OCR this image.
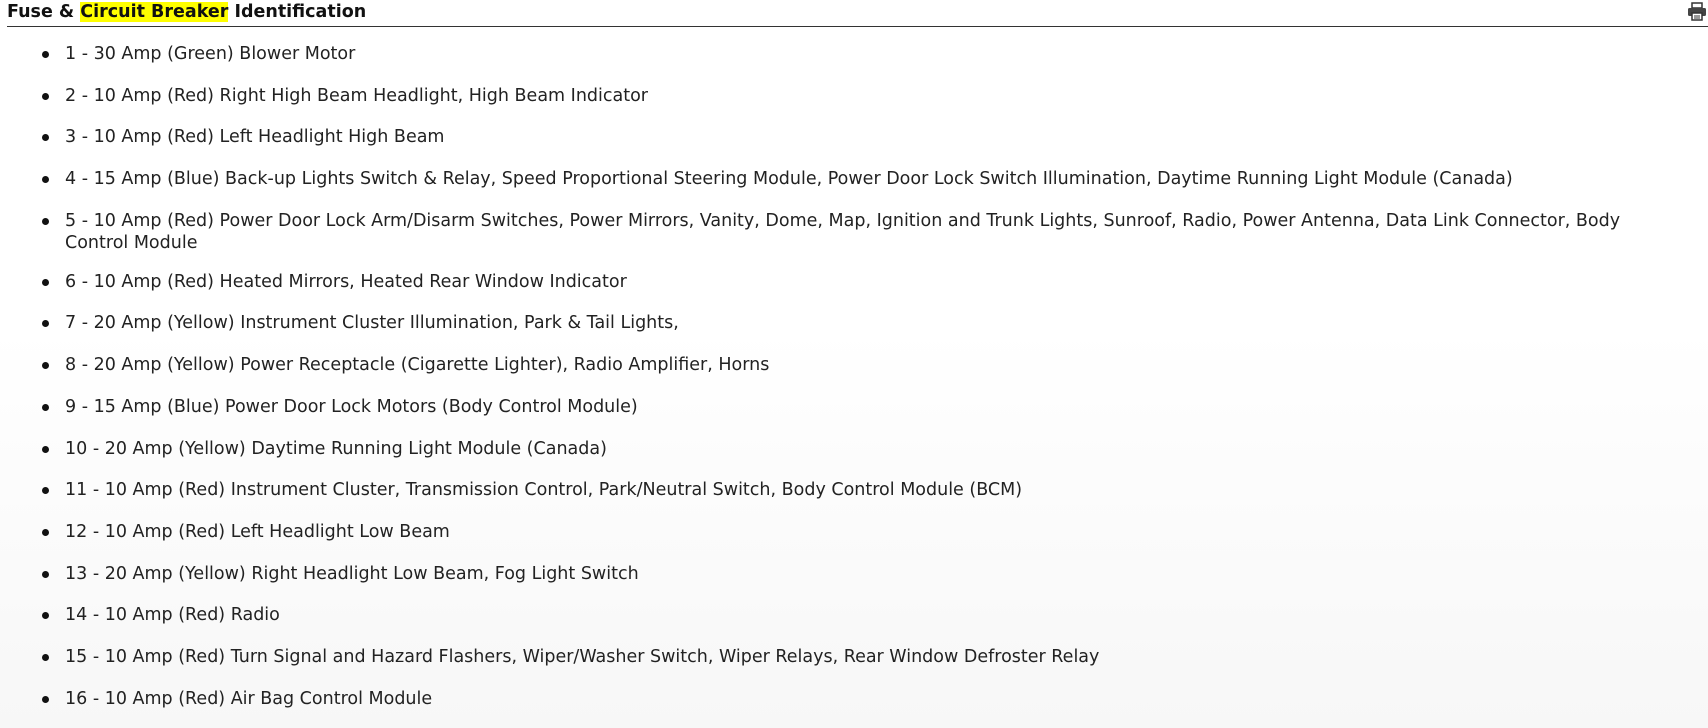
Fuse & Circuit Breaker Identification
1 - 30 Amp (Green) Blower Motor
2 - 10 Amp (Red) Right High Beam Headlight, High Beam Indicator
3 - 10 Amp (Red) Left Headlight High Beam
4 - 15 Amp (Blue) Back-up Lights Switch & Relay, Speed Proportional Steering Module, Power Door Lock Switch Illumination, Daytime Running Light Module (Canada)
5 - 10 Amp (Red) Power Door Lock Arm/Disarm Switches, Power Mirrors, Vanity, Dome, Map, Ignition and Trunk Lights, Sunroof, Radio, Power Antenna, Data Link Connector, Body Control Module
6 - 10 Amp (Red) Heated Mirrors, Heated Rear Window Indicator
7 - 20 Amp (Yellow) Instrument Cluster Illumination, Park & Tail Lights,
8 - 20 Amp (Yellow) Power Receptacle (Cigarette Lighter), Radio Amplifier, Horns
9 - 15 Amp (Blue) Power Door Lock Motors (Body Control Module)
10 - 20 Amp (Yellow) Daytime Running Light Module (Canada)
11 - 10 Amp (Red) Instrument Cluster, Transmission Control, Park/Neutral Switch, Body Control Module (BCM)
12 - 10 Amp (Red) Left Headlight Low Beam
13 - 20 Amp (Yellow) Right Headlight Low Beam, Fog Light Switch
14 - 10 Amp (Red) Radio
15 - 10 Amp (Red) Turn Signal and Hazard Flashers, Wiper/Washer Switch, Wiper Relays, Rear Window Defroster Relay
16 - 10 Amp (Red) Air Bag Control Module
